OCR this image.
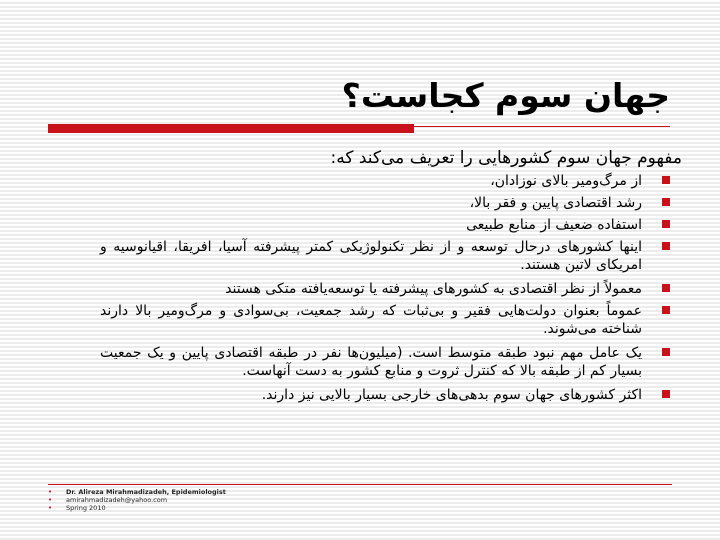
جهان سوم کجاست؟
مفهوم جهان سوم کشورهایی را تعریف می‌کند که:
از مرگ‌ومیر بالای نوزادان،
رشد اقتصادی پایین و فقر بالا،
استفاده ضعیف از منابع طبیعی
اینها کشورهای درحال توسعه و از نظر تکنولوژیکی کمتر پیشرفته آسیا، افریقا، اقیانوسیه و امریکای لاتین هستند.
معمولاً از نظر اقتصادی به کشورهای پیشرفته یا توسعه‌یافته متکی هستند
عموماً بعنوان دولت‌هایی فقیر و بی‌ثبات که رشد جمعیت، بی‌سوادی و مرگ‌ومیر بالا دارند شناخته می‌شوند.
یک عامل مهم نبود طبقه متوسط است. (میلیون‌ها نفر در طبقه اقتصادی پایین و یک جمعیت بسیار کم از طبقه بالا که کنترل ثروت و منابع کشور به دست آنهاست.
اکثر کشورهای جهان سوم بدهی‌های خارجی بسیار بالایی نیز دارند.
• Dr. Alireza Mirahmadizadeh, Epidemiologist
• amirahmadizadeh@yahoo.com
• Spring 2010
